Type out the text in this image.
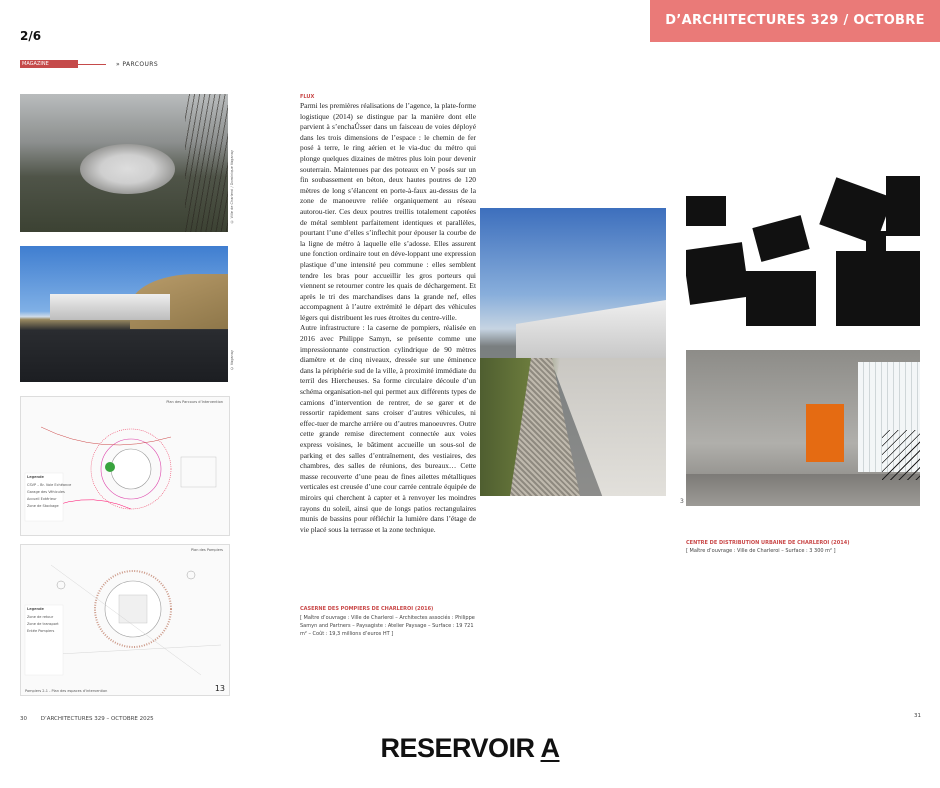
2/6
D’ARCHITECTURES 329 / OCTOBRE 2025
MAGAZINE	» PARCOURS
© Ville de Charleroi / Dominique Vaganay
© Vaganay
Plan des Parcours d’Intervention
Legende
CSVP – Br. Voie Echéance
Garage des Véhicules
Accueil Extérieur
Zone de Stockage
Plan des Pompiers
Legende
Zone de retour
Zone de transport
Entée Pompiers
Pompiers 2-1 - Plan des espaces d’intervention	13
FLUX

Parmi les premières réalisations de l’agence, la plate-forme logistique (2014) se distingue par la manière dont elle parvient à s’enchaÛsser dans un faisceau de voies déployé dans les trois dimensions de l’espace : le chemin de fer posé à terre, le ring aérien et le via-duc du métro qui plonge quelques dizaines de mètres plus loin pour devenir souterrain. Maintenues par des poteaux en V posés sur un fin soubassement en béton, deux hautes poutres de 120 mètres de long s’élancent en porte-à-faux au-dessus de la zone de manoeuvre reliée organiquement au réseau autorou-tier. Ces deux poutres treillis totalement capotées de métal semblent parfaitement identiques et parallèles, pourtant l’une d’elles s’inflechit pour épouser la courbe de la ligne de métro à laquelle elle s’adosse. Elles assurent une fonction ordinaire tout en déve-loppant une expression plastique d’une intensité peu commune : elles semblent tendre les bras pour accueillir les gros porteurs qui viennent se retourner contre les quais de déchargement. Et après le tri des marchandises dans la grande nef, elles accompagnent à l’autre extrémité le départ des véhicules légers qui distribuent les rues étroites du centre-ville.

Autre infrastructure : la caserne de pompiers, réalisée en 2016 avec Philippe Samyn, se présente comme une impressionnante construction cylindrique de 90 mètres diamètre et de cinq niveaux, dressée sur une éminence dans la périphérie sud de la ville, à proximité immédiate du terril des Hiercheuses. Sa forme circulaire découle d’un schéma organisation-nel qui permet aux différents types de camions d’intervention de rentrer, de se garer et de ressortir rapidement sans croiser d’autres véhicules, ni effec-tuer de marche arrière ou d’autres manoeuvres. Outre cette grande remise directement connectée aux voies express voisines, le bâtiment accueille un sous-sol de parking et des salles d’entraînement, des vestiaires, des chambres, des salles de réunions, des bureaux… Cette masse recouverte d’une peau de fines ailettes métalliques verticales est creusée d’une cour carrée centrale équipée de miroirs qui cherchent à capter et à renvoyer les moindres rayons du soleil, ainsi que de longs patios rectangulaires munis de bassins pour réfléchir la lumière dans l’étage de vie placé sous la terrasse et la zone technique.

CASERNE DES POMPIERS DE CHARLEROI (2016)
[ Maître d’ouvrage : Ville de Charleroi – Architectes associés : Philippe Samyn and Partners – Paysagiste : Atelier Paysage – Surface : 19 721 m² – Coût : 19,3 millions d’euros HT ]
3
CENTRE DE DISTRIBUTION URBAINE DE CHARLEROI (2014)
[ Maître d’ouvrage : Ville de Charleroi – Surface : 3 300 m² ]
30	D’ARCHITECTURES 329 – OCTOBRE 2025	31
RESERVOIR A
